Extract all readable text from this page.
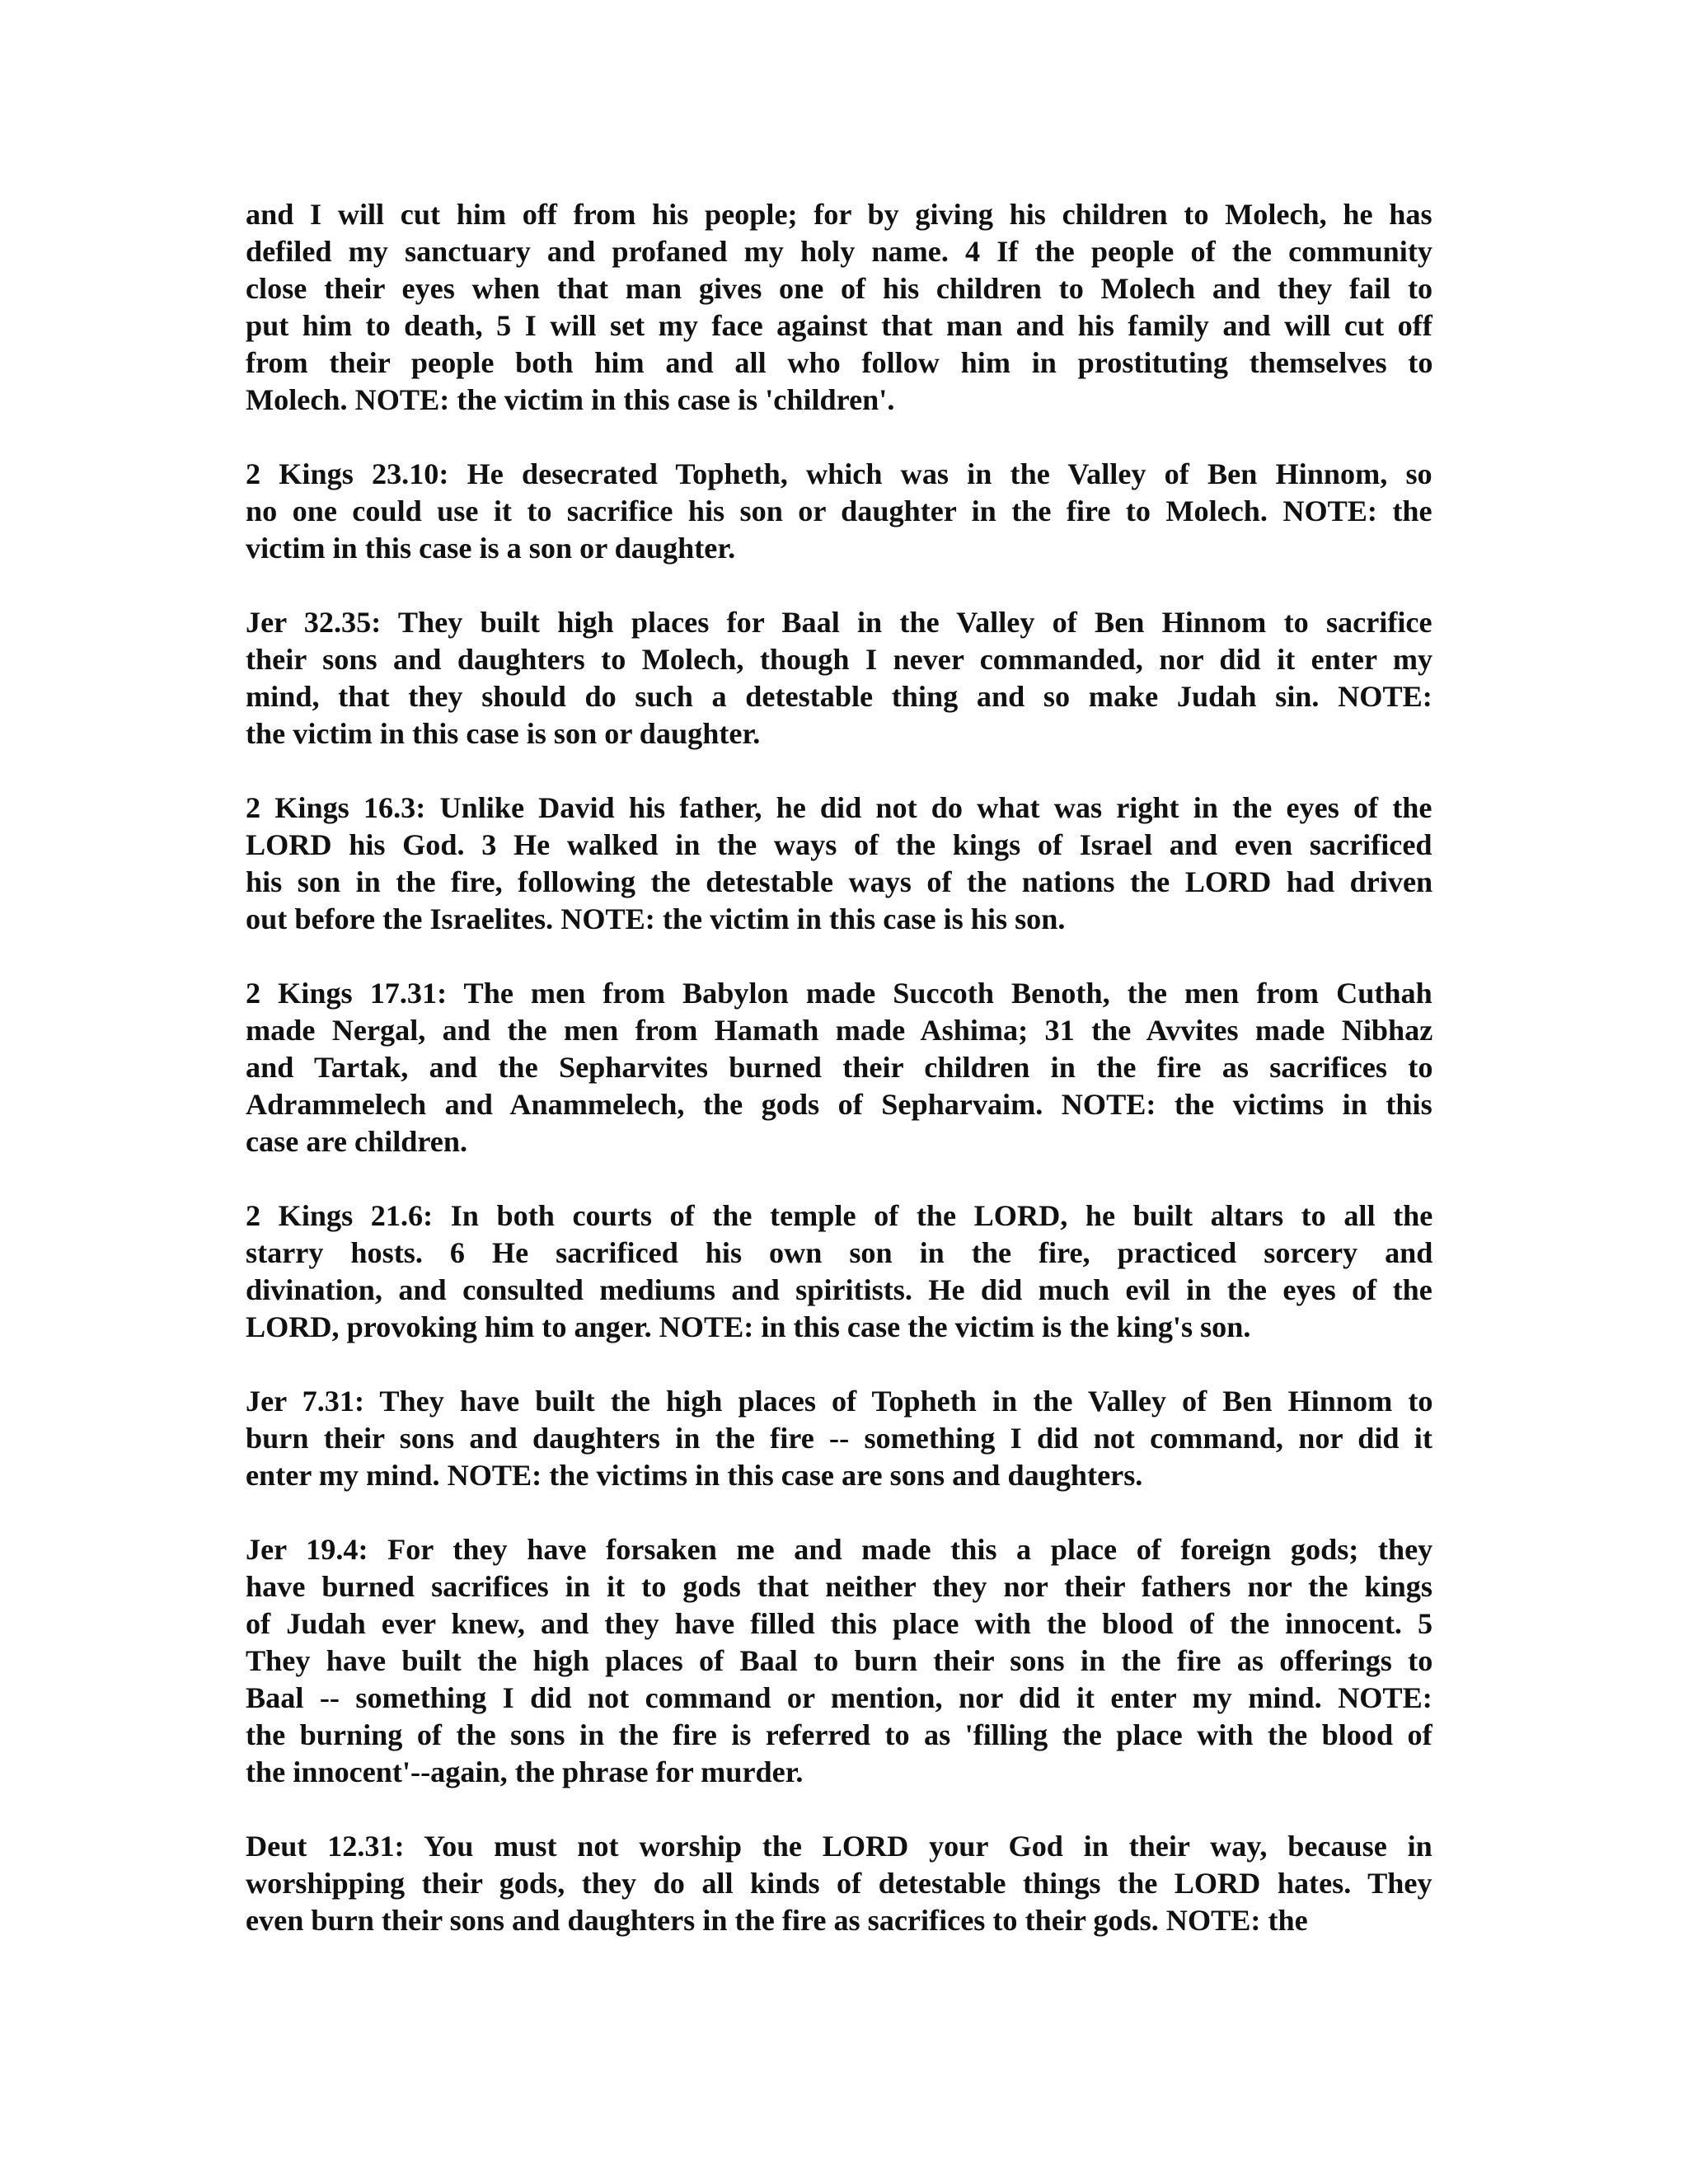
and I will cut him off from his people; for by giving his children to Molech, he has
defiled my sanctuary and profaned my holy name. 4 If the people of the community
close their eyes when that man gives one of his children to Molech and they fail to
put him to death, 5 I will set my face against that man and his family and will cut off
from their people both him and all who follow him in prostituting themselves to
Molech. NOTE: the victim in this case is 'children'.
2 Kings 23.10: He desecrated Topheth, which was in the Valley of Ben Hinnom, so
no one could use it to sacrifice his son or daughter in the fire to Molech. NOTE: the
victim in this case is a son or daughter.
Jer 32.35: They built high places for Baal in the Valley of Ben Hinnom to sacrifice
their sons and daughters to Molech, though I never commanded, nor did it enter my
mind, that they should do such a detestable thing and so make Judah sin. NOTE:
the victim in this case is son or daughter.
2 Kings 16.3: Unlike David his father, he did not do what was right in the eyes of the
LORD his God. 3 He walked in the ways of the kings of Israel and even sacrificed
his son in the fire, following the detestable ways of the nations the LORD had driven
out before the Israelites. NOTE: the victim in this case is his son.
2 Kings 17.31: The men from Babylon made Succoth Benoth, the men from Cuthah
made Nergal, and the men from Hamath made Ashima; 31 the Avvites made Nibhaz
and Tartak, and the Sepharvites burned their children in the fire as sacrifices to
Adrammelech and Anammelech, the gods of Sepharvaim. NOTE: the victims in this
case are children.
2 Kings 21.6: In both courts of the temple of the LORD, he built altars to all the
starry hosts. 6 He sacrificed his own son in the fire, practiced sorcery and
divination, and consulted mediums and spiritists. He did much evil in the eyes of the
LORD, provoking him to anger. NOTE: in this case the victim is the king's son.
Jer 7.31: They have built the high places of Topheth in the Valley of Ben Hinnom to
burn their sons and daughters in the fire -- something I did not command, nor did it
enter my mind. NOTE: the victims in this case are sons and daughters.
Jer 19.4: For they have forsaken me and made this a place of foreign gods; they
have burned sacrifices in it to gods that neither they nor their fathers nor the kings
of Judah ever knew, and they have filled this place with the blood of the innocent. 5
They have built the high places of Baal to burn their sons in the fire as offerings to
Baal -- something I did not command or mention, nor did it enter my mind. NOTE:
the burning of the sons in the fire is referred to as 'filling the place with the blood of
the innocent'--again, the phrase for murder.
Deut 12.31: You must not worship the LORD your God in their way, because in
worshipping their gods, they do all kinds of detestable things the LORD hates. They
even burn their sons and daughters in the fire as sacrifices to their gods. NOTE: the
